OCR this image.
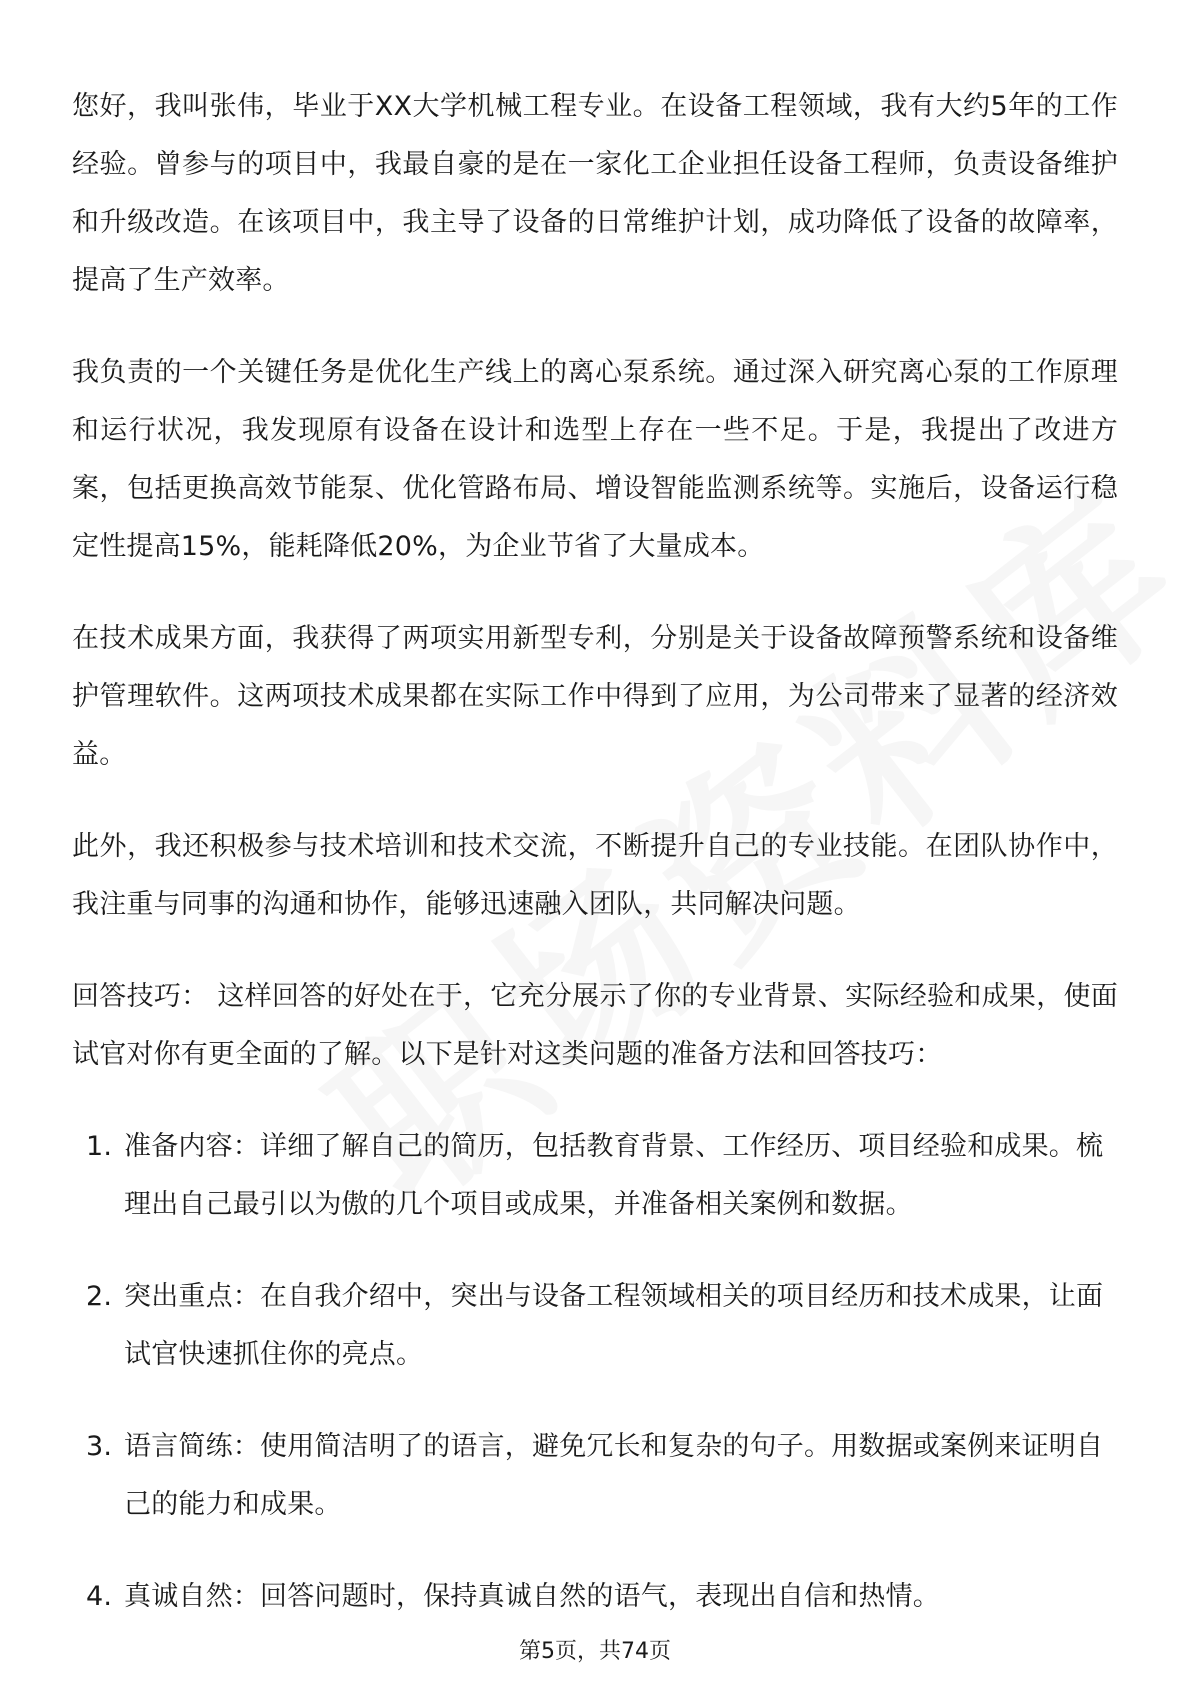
您好，我叫张伟，毕业于XX大学机械工程专业。在设备工程领域，我有大约5年的工作经验。曾参与的项目中，我最自豪的是在一家化工企业担任设备工程师，负责设备维护和升级改造。在该项目中，我主导了设备的日常维护计划，成功降低了设备的故障率，提高了生产效率。

我负责的一个关键任务是优化生产线上的离心泵系统。通过深入研究离心泵的工作原理和运行状况，我发现原有设备在设计和选型上存在一些不足。于是，我提出了改进方案，包括更换高效节能泵、优化管路布局、增设智能监测系统等。实施后，设备运行稳定性提高15%，能耗降低20%，为企业节省了大量成本。

在技术成果方面，我获得了两项实用新型专利，分别是关于设备故障预警系统和设备维护管理软件。这两项技术成果都在实际工作中得到了应用，为公司带来了显著的经济效益。

此外，我还积极参与技术培训和技术交流，不断提升自己的专业技能。在团队协作中，我注重与同事的沟通和协作，能够迅速融入团队，共同解决问题。

回答技巧： 这样回答的好处在于，它充分展示了你的专业背景、实际经验和成果，使面试官对你有更全面的了解。以下是针对这类问题的准备方法和回答技巧：

1. 准备内容：详细了解自己的简历，包括教育背景、工作经历、项目经验和成果。梳理出自己最引以为傲的几个项目或成果，并准备相关案例和数据。
2. 突出重点：在自我介绍中，突出与设备工程领域相关的项目经历和技术成果，让面试官快速抓住你的亮点。
3. 语言简练：使用简洁明了的语言，避免冗长和复杂的句子。用数据或案例来证明自己的能力和成果。
4. 真诚自然：回答问题时，保持真诚自然的语气，表现出自信和热情。
第5页，共74页
